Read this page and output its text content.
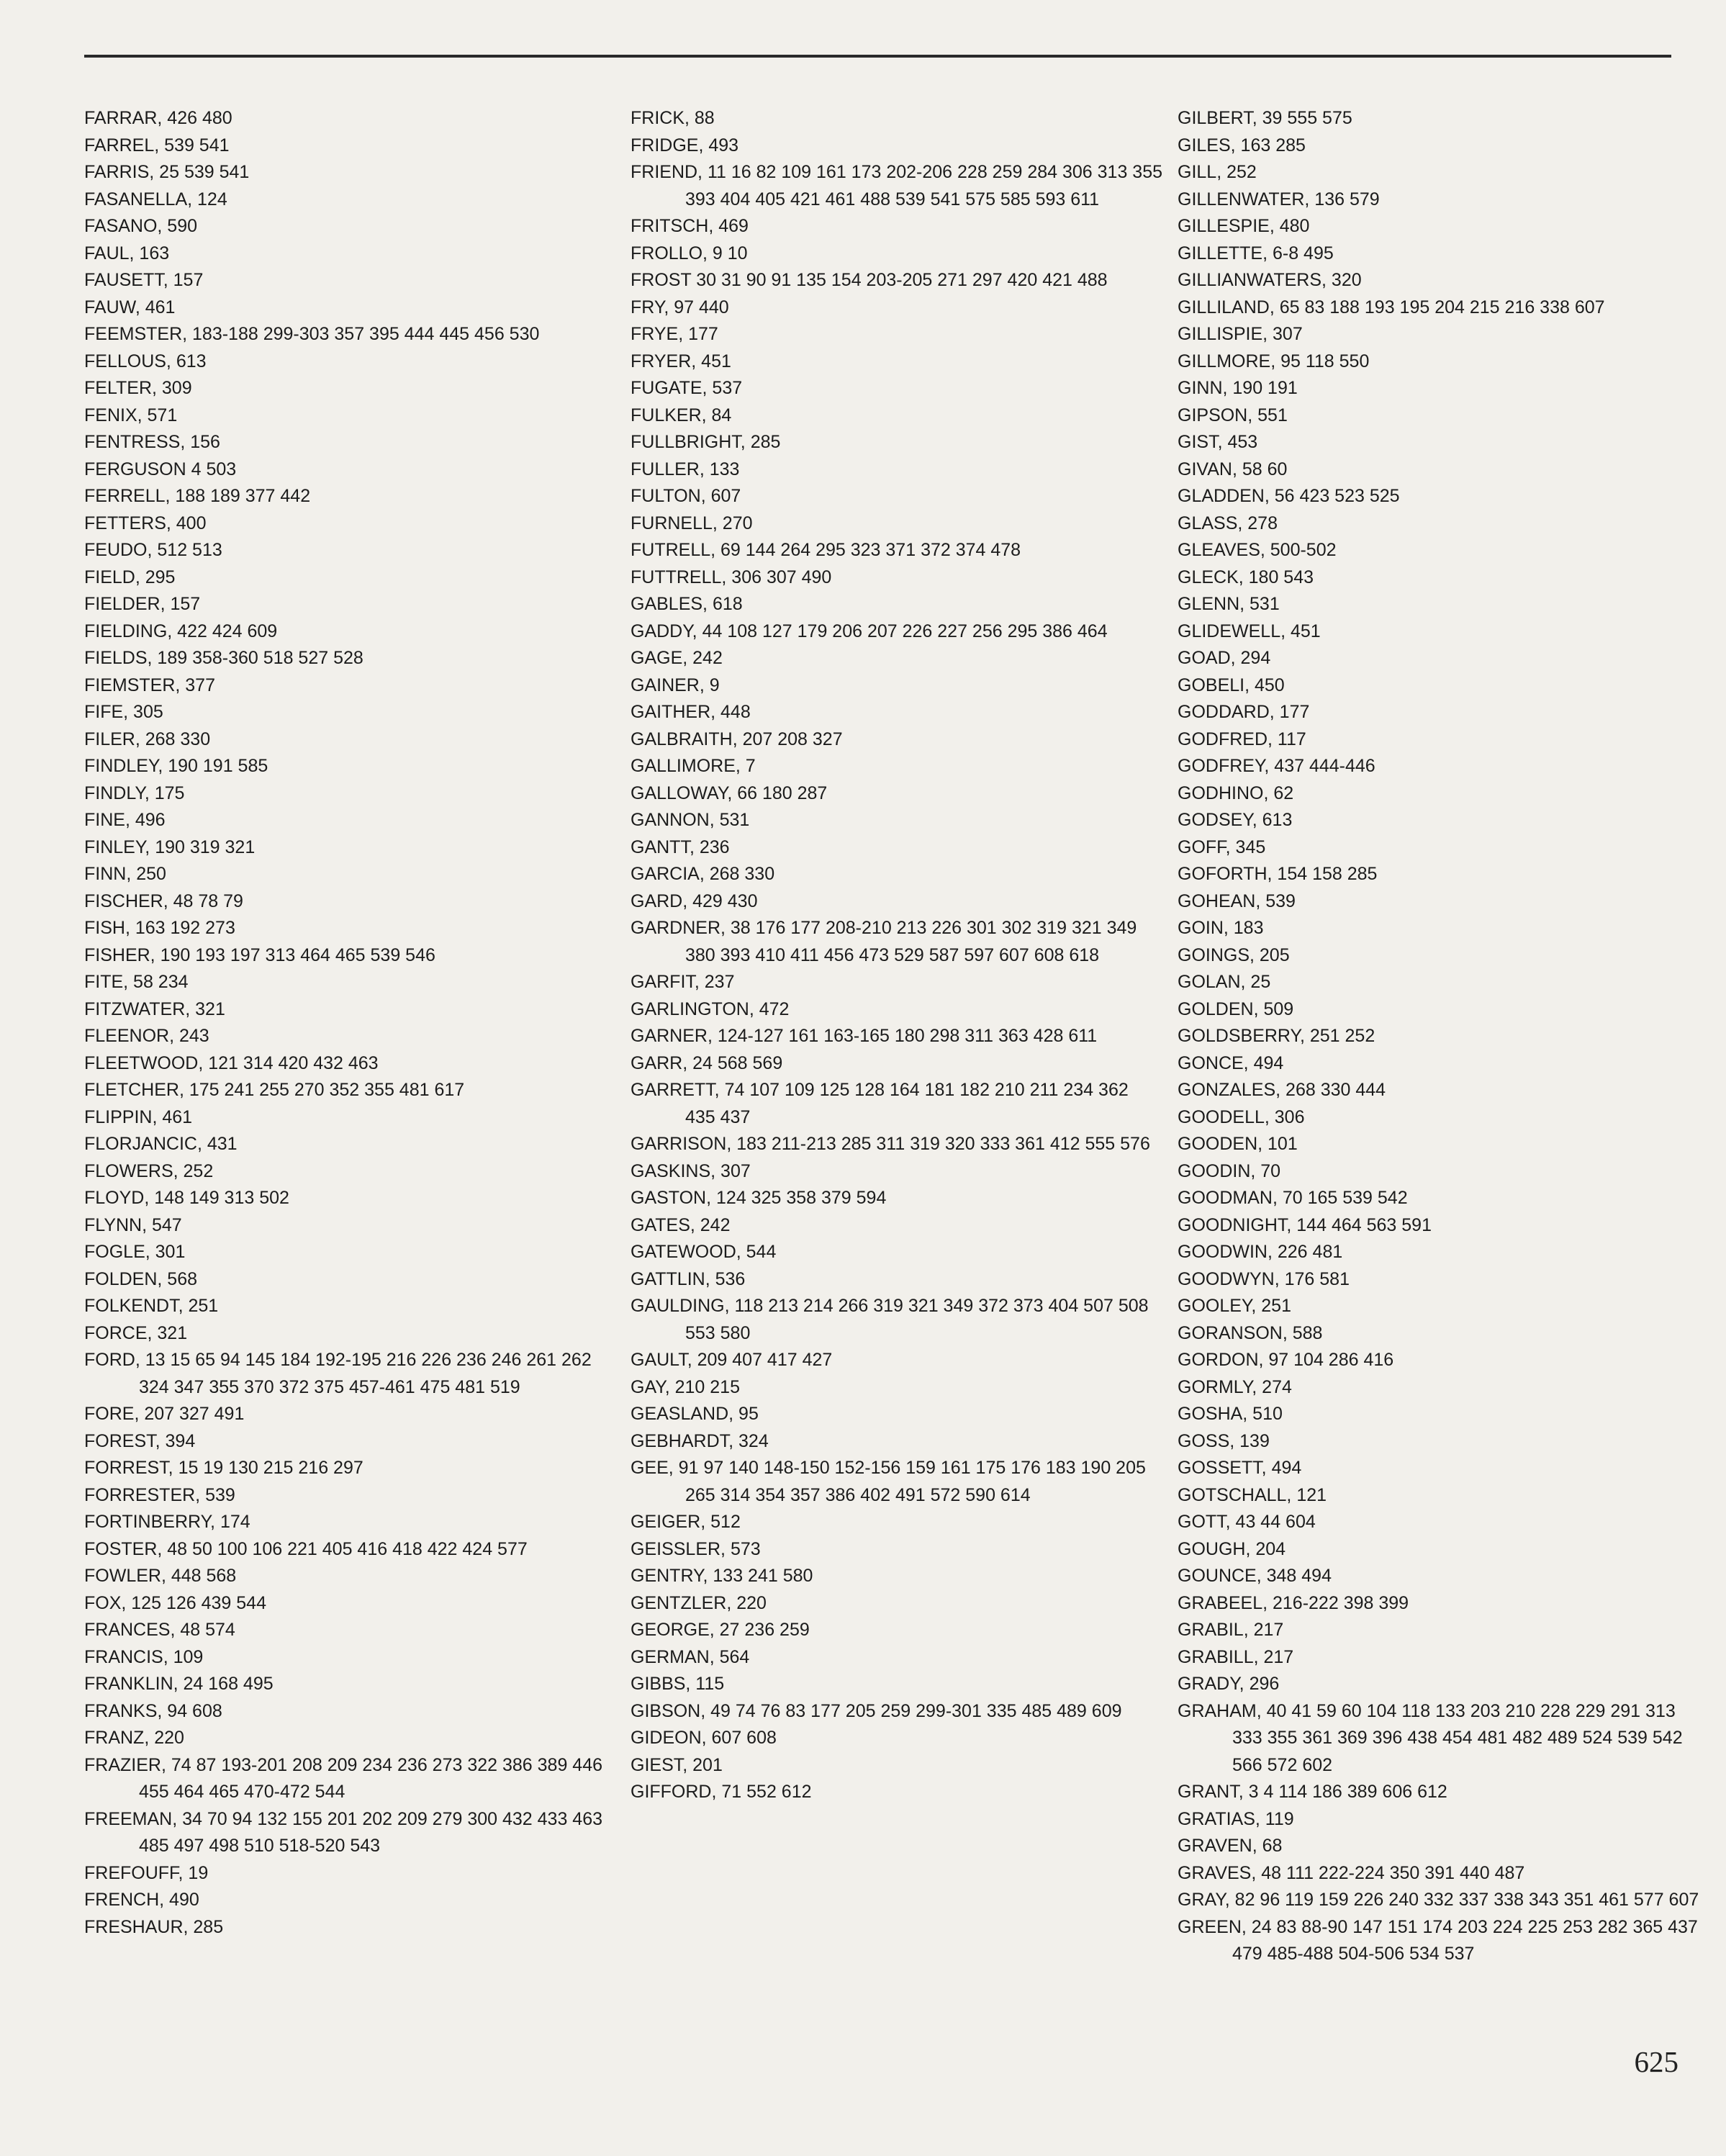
FARRAR, 426 480
FARREL, 539 541
FARRIS, 25 539 541
FASANELLA, 124
FASANO, 590
FAUL, 163
FAUSETT, 157
FAUW, 461
FEEMSTER, 183-188 299-303 357 395 444 445 456 530
FELLOUS, 613
FELTER, 309
FENIX, 571
FENTRESS, 156
FERGUSON 4 503
FERRELL, 188 189 377 442
FETTERS, 400
FEUDO, 512 513
FIELD, 295
FIELDER, 157
FIELDING, 422 424 609
FIELDS, 189 358-360 518 527 528
FIEMSTER, 377
FIFE, 305
FILER, 268 330
FINDLEY, 190 191 585
FINDLY, 175
FINE, 496
FINLEY, 190 319 321
FINN, 250
FISCHER, 48 78 79
FISH, 163 192 273
FISHER, 190 193 197 313 464 465 539 546
FITE, 58 234
FITZWATER, 321
FLEENOR, 243
FLEETWOOD, 121 314 420 432 463
FLETCHER, 175 241 255 270 352 355 481 617
FLIPPIN, 461
FLORJANCIC, 431
FLOWERS, 252
FLOYD, 148 149 313 502
FLYNN, 547
FOGLE, 301
FOLDEN, 568
FOLKENDT, 251
FORCE, 321
FORD, 13 15 65 94 145 184 192-195 216 226 236 246 261 262 324 347 355 370 372 375 457-461 475 481 519
FORE, 207 327 491
FOREST, 394
FORREST, 15 19 130 215 216 297
FORRESTER, 539
FORTINBERRY, 174
FOSTER, 48 50 100 106 221 405 416 418 422 424 577
FOWLER, 448 568
FOX, 125 126 439 544
FRANCES, 48 574
FRANCIS, 109
FRANKLIN, 24 168 495
FRANKS, 94 608
FRANZ, 220
FRAZIER, 74 87 193-201 208 209 234 236 273 322 386 389 446 455 464 465 470-472 544
FREEMAN, 34 70 94 132 155 201 202 209 279 300 432 433 463 485 497 498 510 518-520 543
FREFOUFF, 19
FRENCH, 490
FRESHAUR, 285
FRICK, 88
FRIDGE, 493
FRIEND, 11 16 82 109 161 173 202-206 228 259 284 306 313 355 393 404 405 421 461 488 539 541 575 585 593 611
FRITSCH, 469
FROLLO, 9 10
FROST 30 31 90 91 135 154 203-205 271 297 420 421 488
FRY, 97 440
FRYE, 177
FRYER, 451
FUGATE, 537
FULKER, 84
FULLBRIGHT, 285
FULLER, 133
FULTON, 607
FURNELL, 270
FUTRELL, 69 144 264 295 323 371 372 374 478
FUTTRELL, 306 307 490
GABLES, 618
GADDY, 44 108 127 179 206 207 226 227 256 295 386 464
GAGE, 242
GAINER, 9
GAITHER, 448
GALBRAITH, 207 208 327
GALLIMORE, 7
GALLOWAY, 66 180 287
GANNON, 531
GANTT, 236
GARCIA, 268 330
GARD, 429 430
GARDNER, 38 176 177 208-210 213 226 301 302 319 321 349 380 393 410 411 456 473 529 587 597 607 608 618
GARFIT, 237
GARLINGTON, 472
GARNER, 124-127 161 163-165 180 298 311 363 428 611
GARR, 24 568 569
GARRETT, 74 107 109 125 128 164 181 182 210 211 234 362 435 437
GARRISON, 183 211-213 285 311 319 320 333 361 412 555 576
GASKINS, 307
GASTON, 124 325 358 379 594
GATES, 242
GATEWOOD, 544
GATTLIN, 536
GAULDING, 118 213 214 266 319 321 349 372 373 404 507 508 553 580
GAULT, 209 407 417 427
GAY, 210 215
GEASLAND, 95
GEBHARDT, 324
GEE, 91 97 140 148-150 152-156 159 161 175 176 183 190 205 265 314 354 357 386 402 491 572 590 614
GEIGER, 512
GEISSLER, 573
GENTRY, 133 241 580
GENTZLER, 220
GEORGE, 27 236 259
GERMAN, 564
GIBBS, 115
GIBSON, 49 74 76 83 177 205 259 299-301 335 485 489 609
GIDEON, 607 608
GIEST, 201
GIFFORD, 71 552 612
GILBERT, 39 555 575
GILES, 163 285
GILL, 252
GILLENWATER, 136 579
GILLESPIE, 480
GILLETTE, 6-8 495
GILLIANWATERS, 320
GILLILAND, 65 83 188 193 195 204 215 216 338 607
GILLISPIE, 307
GILLMORE, 95 118 550
GINN, 190 191
GIPSON, 551
GIST, 453
GIVAN, 58 60
GLADDEN, 56 423 523 525
GLASS, 278
GLEAVES, 500-502
GLECK, 180 543
GLENN, 531
GLIDEWELL, 451
GOAD, 294
GOBELI, 450
GODDARD, 177
GODFRED, 117
GODFREY, 437 444-446
GODHINO, 62
GODSEY, 613
GOFF, 345
GOFORTH, 154 158 285
GOHEAN, 539
GOIN, 183
GOINGS, 205
GOLAN, 25
GOLDEN, 509
GOLDSBERRY, 251 252
GONCE, 494
GONZALES, 268 330 444
GOODELL, 306
GOODEN, 101
GOODIN, 70
GOODMAN, 70 165 539 542
GOODNIGHT, 144 464 563 591
GOODWIN, 226 481
GOODWYN, 176 581
GOOLEY, 251
GORANSON, 588
GORDON, 97 104 286 416
GORMLY, 274
GOSHA, 510
GOSS, 139
GOSSETT, 494
GOTSCHALL, 121
GOTT, 43 44 604
GOUGH, 204
GOUNCE, 348 494
GRABEEL, 216-222 398 399
GRABIL, 217
GRABILL, 217
GRADY, 296
GRAHAM, 40 41 59 60 104 118 133 203 210 228 229 291 313 333 355 361 369 396 438 454 481 482 489 524 539 542 566 572 602
GRANT, 3 4 114 186 389 606 612
GRATIAS, 119
GRAVEN, 68
GRAVES, 48 111 222-224 350 391 440 487
GRAY, 82 96 119 159 226 240 332 337 338 343 351 461 577 607
GREEN, 24 83 88-90 147 151 174 203 224 225 253 282 365 437 479 485-488 504-506 534 537
625
